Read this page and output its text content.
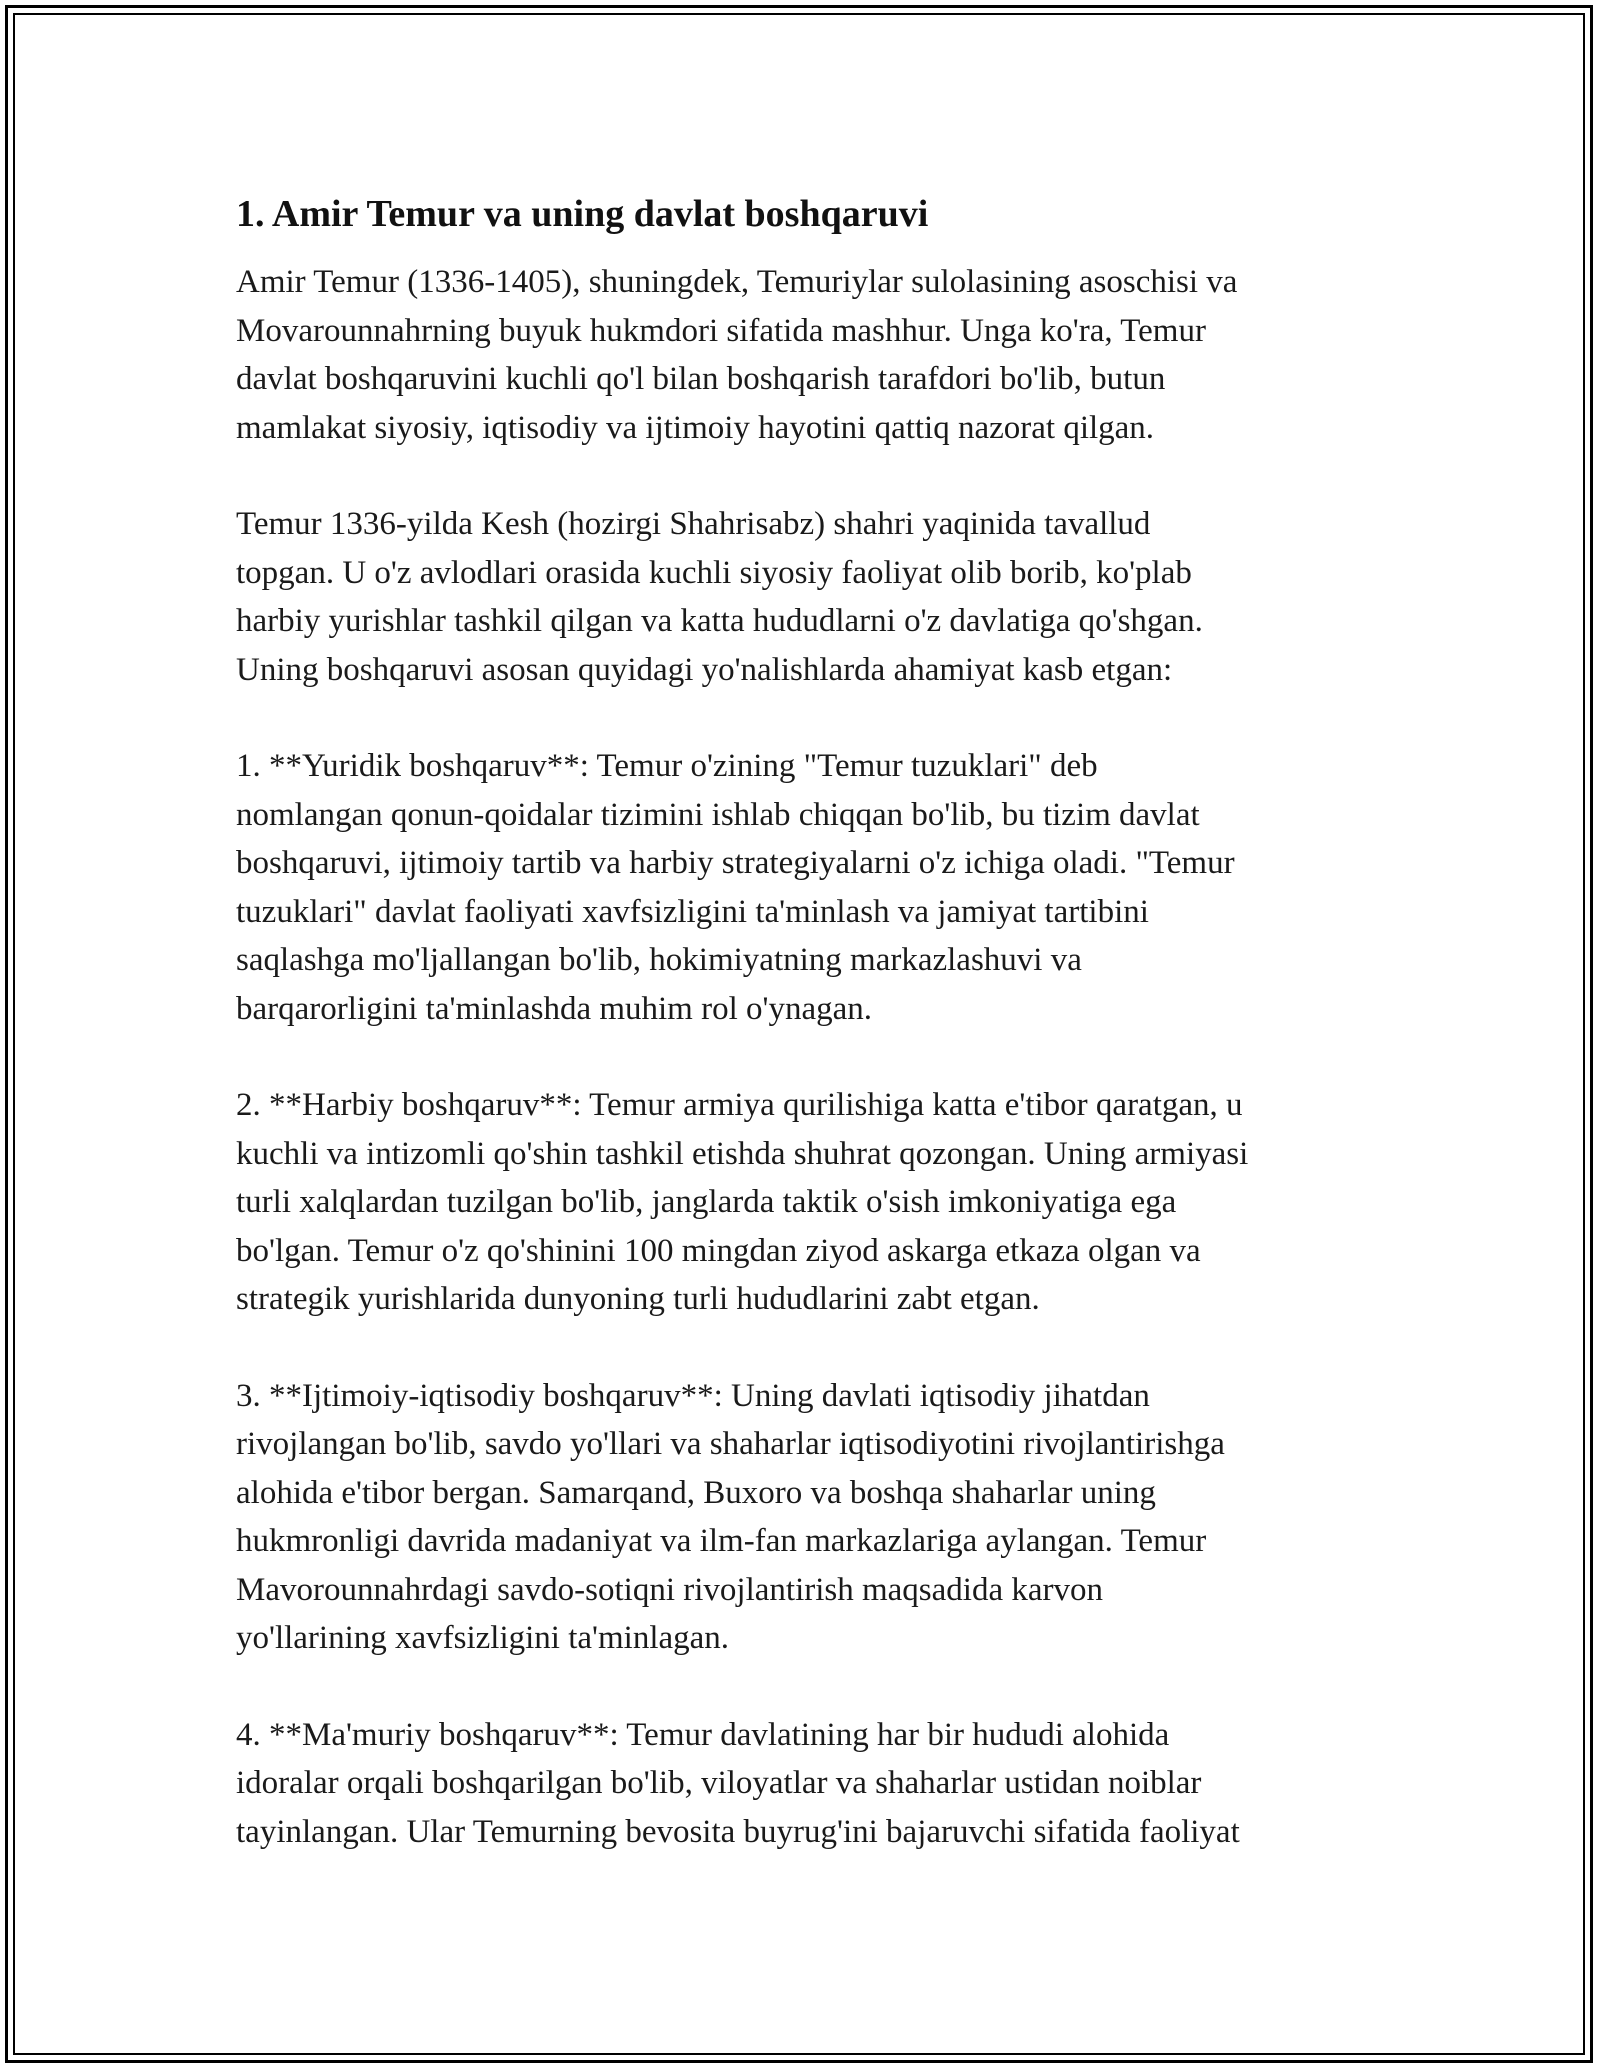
1. Amir Temur va uning davlat boshqaruvi
Amir Temur (1336-1405), shuningdek, Temuriylar sulolasining asoschisi va
Movarounnahrning buyuk hukmdori sifatida mashhur. Unga ko'ra, Temur
davlat boshqaruvini kuchli qo'l bilan boshqarish tarafdori bo'lib, butun
mamlakat siyosiy, iqtisodiy va ijtimoiy hayotini qattiq nazorat qilgan.
Temur 1336-yilda Kesh (hozirgi Shahrisabz) shahri yaqinida tavallud
topgan. U o'z avlodlari orasida kuchli siyosiy faoliyat olib borib, ko'plab
harbiy yurishlar tashkil qilgan va katta hududlarni o'z davlatiga qo'shgan.
Uning boshqaruvi asosan quyidagi yo'nalishlarda ahamiyat kasb etgan:
1. **Yuridik boshqaruv**: Temur o'zining "Temur tuzuklari" deb
nomlangan qonun-qoidalar tizimini ishlab chiqqan bo'lib, bu tizim davlat
boshqaruvi, ijtimoiy tartib va harbiy strategiyalarni o'z ichiga oladi. "Temur
tuzuklari" davlat faoliyati xavfsizligini ta'minlash va jamiyat tartibini
saqlashga mo'ljallangan bo'lib, hokimiyatning markazlashuvi va
barqarorligini ta'minlashda muhim rol o'ynagan.
2. **Harbiy boshqaruv**: Temur armiya qurilishiga katta e'tibor qaratgan, u
kuchli va intizomli qo'shin tashkil etishda shuhrat qozongan. Uning armiyasi
turli xalqlardan tuzilgan bo'lib, janglarda taktik o'sish imkoniyatiga ega
bo'lgan. Temur o'z qo'shinini 100 mingdan ziyod askarga etkaza olgan va
strategik yurishlarida dunyoning turli hududlarini zabt etgan.
3. **Ijtimoiy-iqtisodiy boshqaruv**: Uning davlati iqtisodiy jihatdan
rivojlangan bo'lib, savdo yo'llari va shaharlar iqtisodiyotini rivojlantirishga
alohida e'tibor bergan. Samarqand, Buxoro va boshqa shaharlar uning
hukmronligi davrida madaniyat va ilm-fan markazlariga aylangan. Temur
Mavorounnahrdagi savdo-sotiqni rivojlantirish maqsadida karvon
yo'llarining xavfsizligini ta'minlagan.
4. **Ma'muriy boshqaruv**: Temur davlatining har bir hududi alohida
idoralar orqali boshqarilgan bo'lib, viloyatlar va shaharlar ustidan noiblar
tayinlangan. Ular Temurning bevosita buyrug'ini bajaruvchi sifatida faoliyat
